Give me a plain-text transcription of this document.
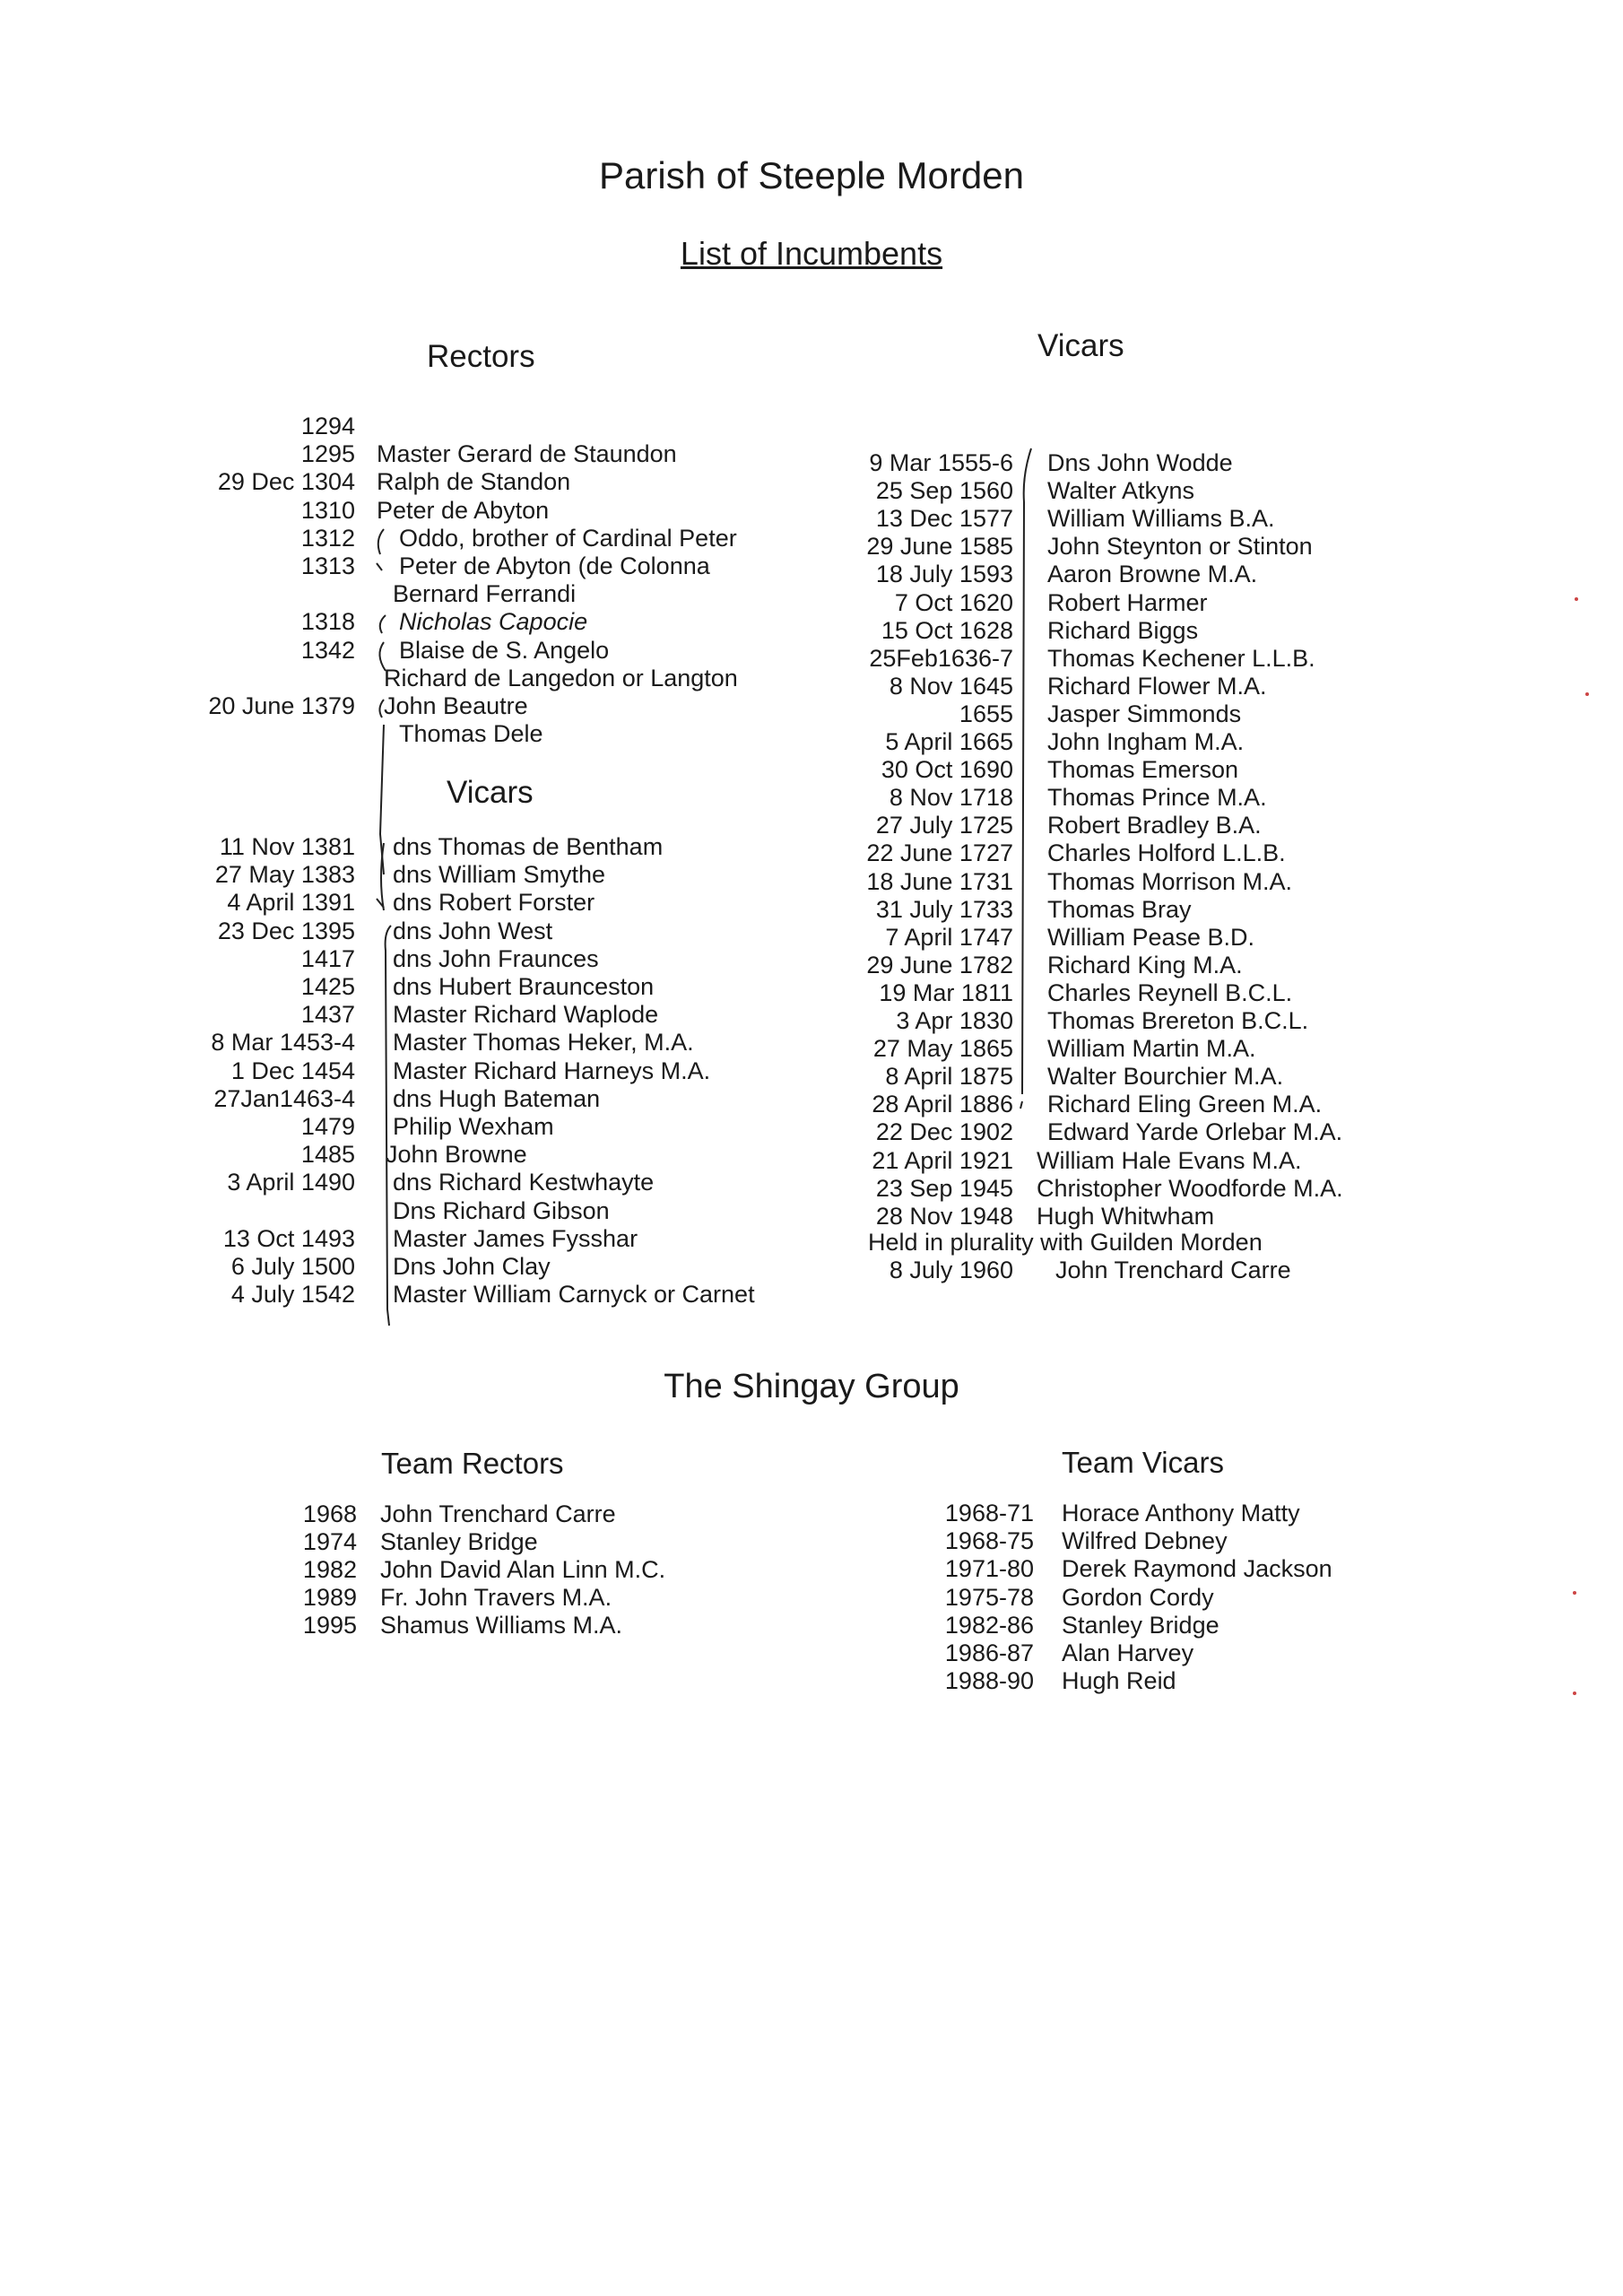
Parish of Steeple Morden
List of Incumbents
Rectors	Vicars
Vicars
1294
1295 Master Gerard de Staundon
29 Dec 1304 Ralph de Standon
1310 Peter de Abyton
1312 Oddo, brother of Cardinal Peter
1313 Peter de Abyton (de Colonna
Bernard Ferrandi
1318 Nicholas Capocie
1342 Blaise de S. Angelo
Richard de Langedon or Langton
20 June 1379 John Beautre
Thomas Dele
11 Nov 1381 dns Thomas de Bentham
27 May 1383 dns William Smythe
4 April 1391 dns Robert Forster
23 Dec 1395 dns John West
1417 dns John Fraunces
1425 dns Hubert Braunceston
1437 Master Richard Waplode
8 Mar 1453-4 Master Thomas Heker, M.A.
1 Dec 1454 Master Richard Harneys M.A.
27Jan1463-4 dns Hugh Bateman
1479 Philip Wexham
1485 John Browne
3 April 1490 dns Richard Kestwhayte
Dns Richard Gibson
13 Oct 1493 Master James Fysshar
6 July 1500 Dns John Clay
4 July 1542 Master William Carnyck or Carnet
9 Mar 1555-6 Dns John Wodde
25 Sep 1560 Walter Atkyns
13 Dec 1577 William Williams B.A.
29 June 1585 John Steynton or Stinton
18 July 1593 Aaron Browne M.A.
7 Oct 1620 Robert Harmer
15 Oct 1628 Richard Biggs
25Feb1636-7 Thomas Kechener L.L.B.
8 Nov 1645 Richard Flower M.A.
1655 Jasper Simmonds
5 April 1665 John Ingham M.A.
30 Oct 1690 Thomas Emerson
8 Nov 1718 Thomas Prince M.A.
27 July 1725 Robert Bradley B.A.
22 June 1727 Charles Holford L.L.B.
18 June 1731 Thomas Morrison M.A.
31 July 1733 Thomas Bray
7 April 1747 William Pease B.D.
29 June 1782 Richard King M.A.
19 Mar 1811 Charles Reynell B.C.L.
3 Apr 1830 Thomas Brereton B.C.L.
27 May 1865 William Martin M.A.
8 April 1875 Walter Bourchier M.A.
28 April 1886 Richard Eling Green M.A.
22 Dec 1902 Edward Yarde Orlebar M.A.
21 April 1921 William Hale Evans M.A.
23 Sep 1945 Christopher Woodforde M.A.
28 Nov 1948 Hugh Whitwham
Held in plurality with Guilden Morden
8 July 1960 John Trenchard Carre
The Shingay Group
Team Rectors	Team Vicars
1968 John Trenchard Carre
1974 Stanley Bridge
1982 John David Alan Linn M.C.
1989 Fr. John Travers M.A.
1995 Shamus Williams M.A.
1968-71 Horace Anthony Matty
1968-75 Wilfred Debney
1971-80 Derek Raymond Jackson
1975-78 Gordon Cordy
1982-86 Stanley Bridge
1986-87 Alan Harvey
1988-90 Hugh Reid
